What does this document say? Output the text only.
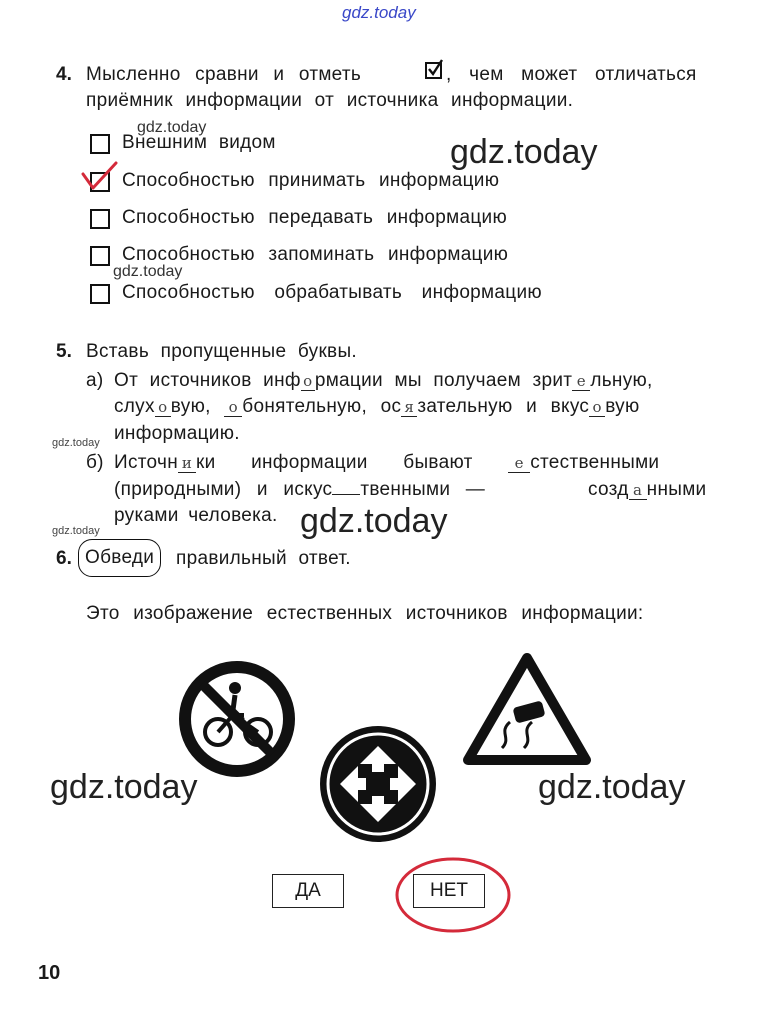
gdz.today
gdz.today
gdz.today
gdz.today	gdz.today
gdz.today
gdz.today
gdz.today
gdz.today
4. Мысленно сравни и отметь	, чем может отличаться
приёмник информации от источника информации.
Внешним видом
Способностью принимать информацию
Способностью передавать информацию
Способностью запоминать информацию
Способностью обрабатывать информацию
5. Вставь пропущенные буквы.
а) От источников инф о рмации мы получаем зрит е льную,
слух о вую, о бонятельную, ос я зательную и вкус о вую
информацию.
б) Источн и ки информации бывают	е стественными
(природными) и искус твенными —	созд а нными
руками человека.
6. Обведи	правильный ответ.
Это изображение естественных источников информации:
ДА	НЕТ
10
